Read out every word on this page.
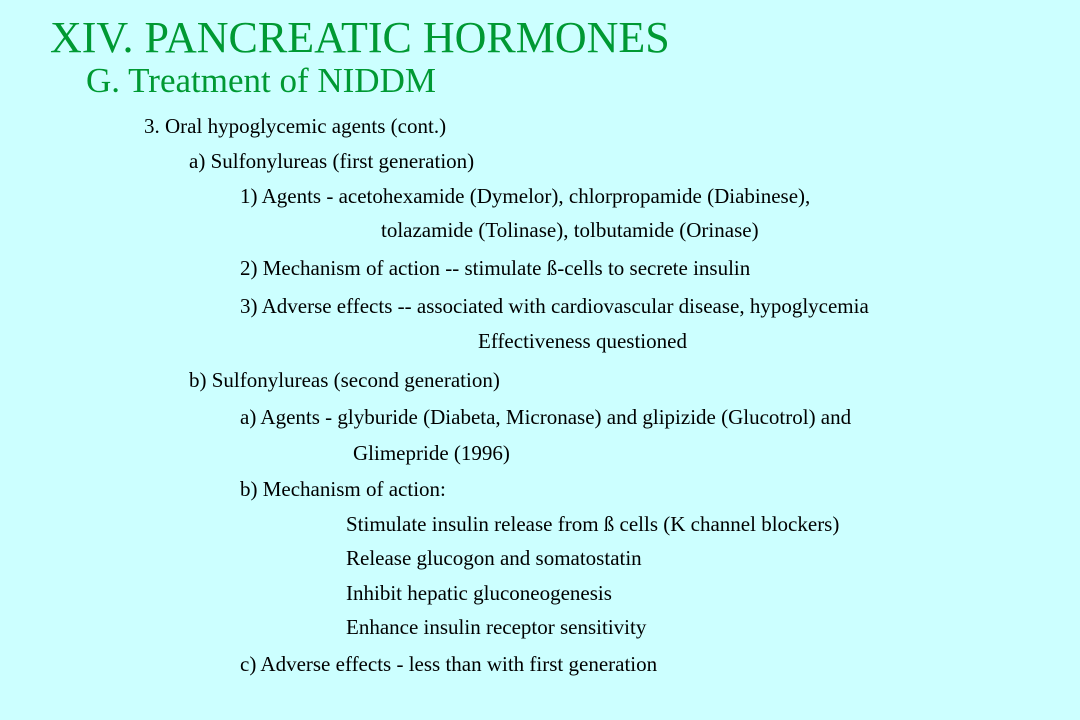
XIV. PANCREATIC HORMONES
G. Treatment of NIDDM
3. Oral hypoglycemic agents (cont.)
a) Sulfonylureas (first generation)
1) Agents - acetohexamide (Dymelor), chlorpropamide (Diabinese),
tolazamide (Tolinase), tolbutamide (Orinase)
2) Mechanism of action -- stimulate ß-cells to secrete insulin
3) Adverse effects -- associated with cardiovascular disease, hypoglycemia
Effectiveness questioned
b) Sulfonylureas (second generation)
a) Agents - glyburide (Diabeta, Micronase) and glipizide (Glucotrol) and
Glimepride (1996)
b) Mechanism of action:
Stimulate insulin release from ß cells (K channel blockers)
Release glucogon and somatostatin
Inhibit hepatic gluconeogenesis
Enhance insulin receptor sensitivity
c) Adverse effects - less than with first generation
